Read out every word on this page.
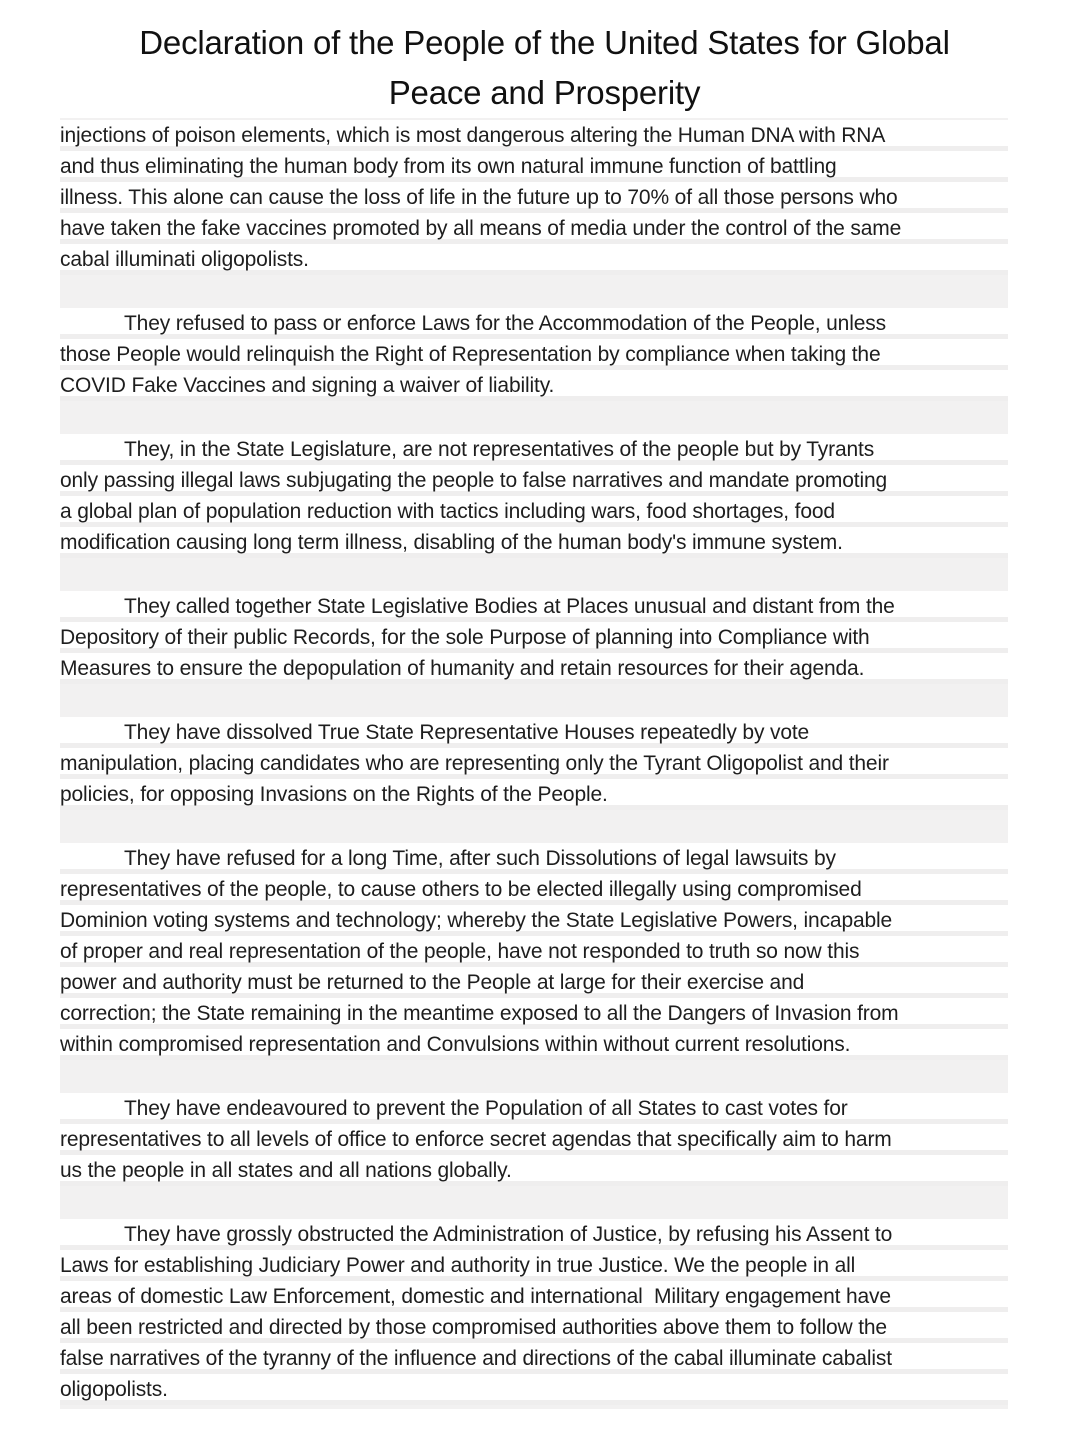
Declaration of the People of the United States for Global
Peace and Prosperity

injections of poison elements, which is most dangerous altering the Human DNA with RNA
and thus eliminating the human body from its own natural immune function of battling
illness. This alone can cause the loss of life in the future up to 70% of all those persons who
have taken the fake vaccines promoted by all means of media under the control of the same
cabal illuminati oligopolists.

They refused to pass or enforce Laws for the Accommodation of the People, unless
those People would relinquish the Right of Representation by compliance when taking the
COVID Fake Vaccines and signing a waiver of liability.

They, in the State Legislature, are not representatives of the people but by Tyrants
only passing illegal laws subjugating the people to false narratives and mandate promoting
a global plan of population reduction with tactics including wars, food shortages, food
modification causing long term illness, disabling of the human body's immune system.

They called together State Legislative Bodies at Places unusual and distant from the
Depository of their public Records, for the sole Purpose of planning into Compliance with
Measures to ensure the depopulation of humanity and retain resources for their agenda.

They have dissolved True State Representative Houses repeatedly by vote
manipulation, placing candidates who are representing only the Tyrant Oligopolist and their
policies, for opposing Invasions on the Rights of the People.

They have refused for a long Time, after such Dissolutions of legal lawsuits by
representatives of the people, to cause others to be elected illegally using compromised
Dominion voting systems and technology; whereby the State Legislative Powers, incapable
of proper and real representation of the people, have not responded to truth so now this
power and authority must be returned to the People at large for their exercise and
correction; the State remaining in the meantime exposed to all the Dangers of Invasion from
within compromised representation and Convulsions within without current resolutions.

They have endeavoured to prevent the Population of all States to cast votes for
representatives to all levels of office to enforce secret agendas that specifically aim to harm
us the people in all states and all nations globally.

They have grossly obstructed the Administration of Justice, by refusing his Assent to
Laws for establishing Judiciary Power and authority in true Justice. We the people in all
areas of domestic Law Enforcement, domestic and international  Military engagement have
all been restricted and directed by those compromised authorities above them to follow the
false narratives of the tyranny of the influence and directions of the cabal illuminate cabalist
oligopolists.
